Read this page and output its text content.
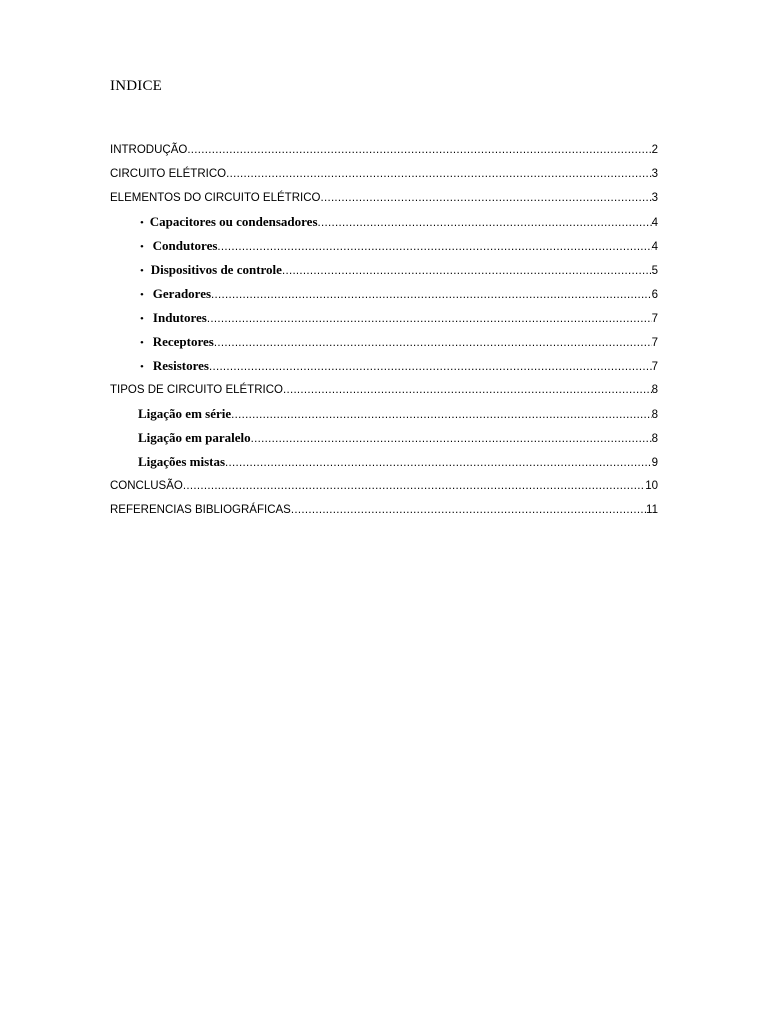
INDICE
INTRODUÇÃO .....	2
CIRCUITO ELÉTRICO .....	3
ELEMENTOS DO CIRCUITO ELÉTRICO .....	3
• Capacitores ou condensadores .....	4
• Condutores .....	4
• Dispositivos de controle .....	5
• Geradores .....	6
• Indutores .....	7
• Receptores .....	7
• Resistores .....	7
TIPOS DE CIRCUITO ELÉTRICO .....	8
Ligação em série .....	8
Ligação em paralelo .....	8
Ligações mistas .....	9
CONCLUSÃO .....	10
REFERENCIAS BIBLIOGRÁFICAS .....	11
